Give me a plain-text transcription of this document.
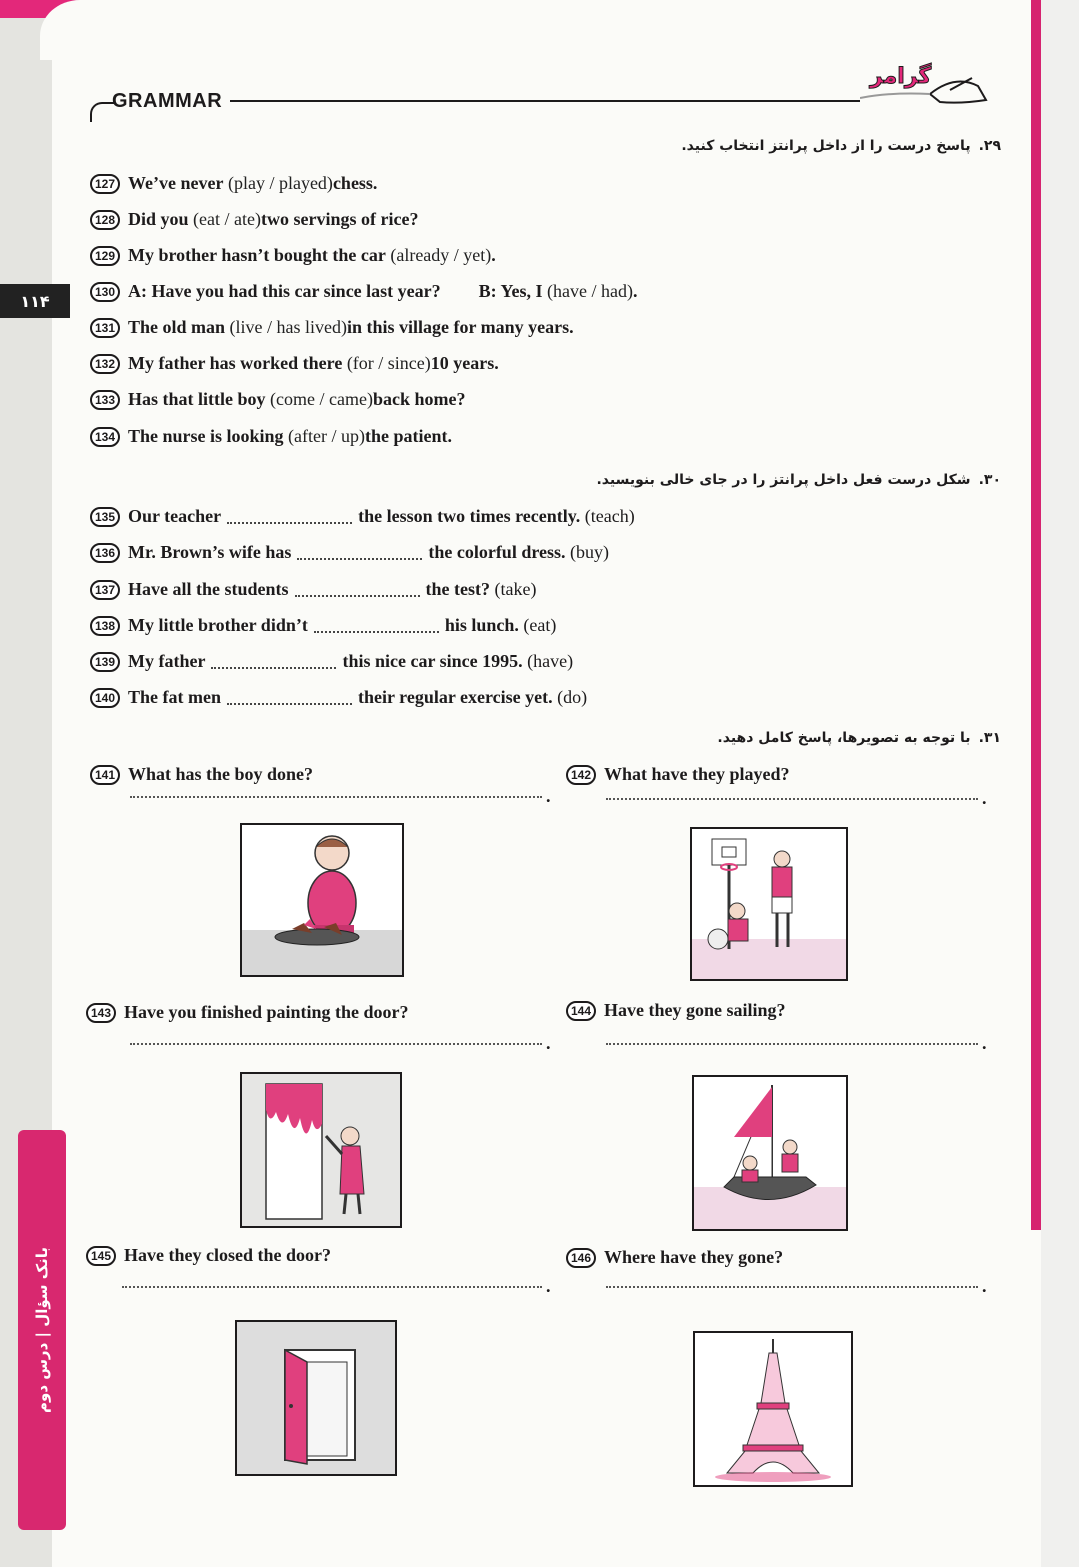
۱۱۴
بانک سؤال | درس دوم
GRAMMAR
گرامر
۲۹.پاسخ درست را از داخل پرانتز انتخاب کنید.
127 We’ve never
(play / played) chess.
128 Did you
(eat / ate) two servings of rice?
129 My brother hasn’t bought the car
(already / yet) .
130 A: Have you had this car since last year? B: Yes, I
(have / had) .
131 The old man
(live / has lived) in this village for many years.
132 My father has worked there
(for / since) 10 years.
133 Has that little boy
(come / came) back home?
134 The nurse is looking
(after / up) the patient.
۳۰.شکل درست فعل داخل پرانتز را در جای خالی بنویسید.
135 Our teacher	the lesson two times recently.
(teach)
136 Mr. Brown’s wife has	the colorful dress.
(buy)
137 Have all the students	the test?
(take)
138 My little brother didn’t	his lunch.
(eat)
139 My father	this nice car since 1995.
(have)
140 The fat men	their regular exercise yet.
(do)
۳۱.با توجه به تصویرها، پاسخ کامل دهید.
141 What has the boy done?
.
142 What have they played?
.
143 Have you finished painting the door?
.
144 Have they gone sailing?
.
145 Have they closed the door?
.
146 Where have they gone?
.
